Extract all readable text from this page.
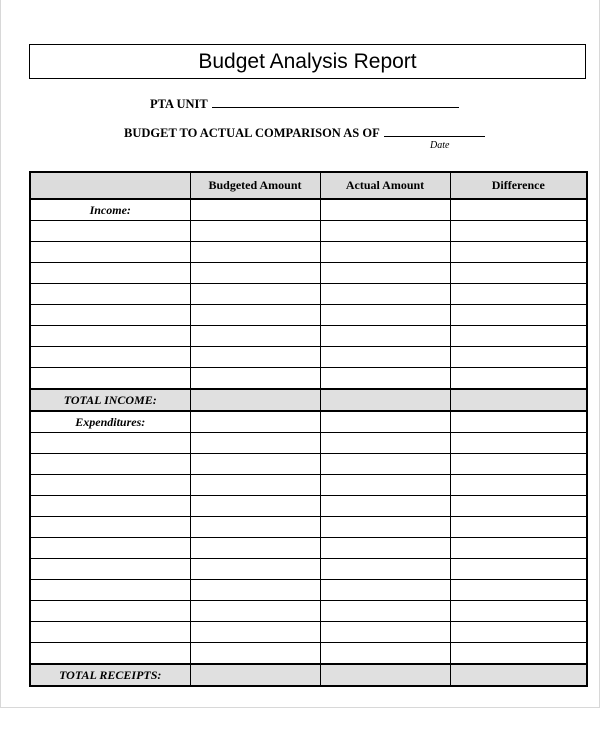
Budget Analysis Report
PTA UNIT
BUDGET TO ACTUAL COMPARISON AS OF
Date
	Budgeted Amount	Actual Amount	Difference
Income:			

TOTAL INCOME:			
Expenditures:			

TOTAL RECEIPTS:			
